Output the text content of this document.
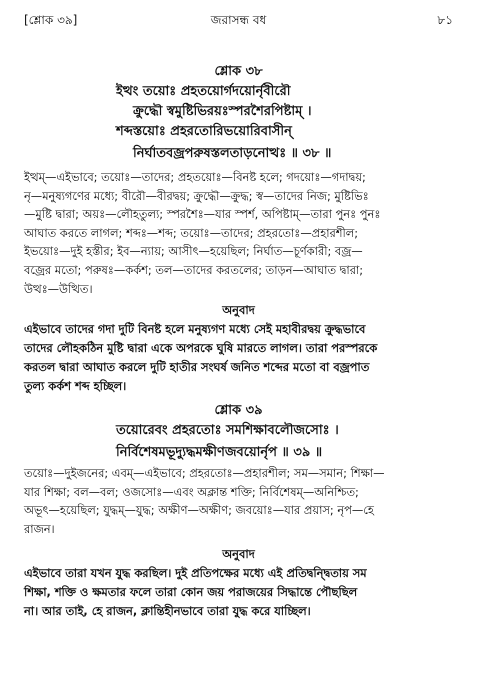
[শ্লোক ৩৯]	জরাসন্ধ বধ	৮১
শ্লোক ৩৮
ইত্থং তয়োঃ প্রহতয়োর্গদয়োর্নৃবীরৌ
ক্রুদ্ধৌ স্বমুষ্টিভিরয়ঃস্পরশৈরপিষ্টাম্ ।
শব্দস্তয়োঃ প্রহরতোরিভয়োরিবাসীন্
নির্ঘাতবজ্রপরুষস্তলতাড়নোত্থঃ ॥ ৩৮ ॥
ইত্থম্—এইভাবে; তয়োঃ—তাদের; প্রহতয়োঃ—বিনষ্ট হলে; গদয়োঃ—গদাদ্বয়;
নৃ—মনুষ্যগণের মধ্যে; বীরৌ—বীরদ্বয়; ক্রুদ্ধৌ—ক্রুদ্ধ; স্ব—তাদের নিজ; মুষ্টিভিঃ
—মুষ্টি দ্বারা; অয়ঃ—লৌহতুল্য; স্পরশৈঃ—যার স্পর্শ, অপিষ্টাম্—তারা পুনঃ পুনঃ
আঘাত করতে লাগল; শব্দঃ—শব্দ; তয়োঃ—তাদের; প্রহরতোঃ—প্রহারশীল;
ইভয়োঃ—দুই হস্তীর; ইব—ন্যায়; আসীৎ—হয়েছিল; নির্ঘাত—চূর্ণকারী; বজ্র—
বজ্রের মতো; পরুষঃ—কর্কশ; তল—তাদের করতলের; তাড়ন—আঘাত দ্বারা;
উত্থঃ—উত্থিত।
অনুবাদ
এইভাবে তাদের গদা দুটি বিনষ্ট হলে মনুষ্যগণ মধ্যে সেই মহাবীরদ্বয় ক্রুদ্ধভাবে
তাদের লৌহকঠিন মুষ্টি দ্বারা একে অপরকে ঘুষি মারতে লাগল। তারা পরস্পরকে
করতল দ্বারা আঘাত করলে দুটি হাতীর সংঘর্ষ জনিত শব্দের মতো বা বজ্রপাত
তুল্য কর্কশ শব্দ হচ্ছিল।
শ্লোক ৩৯
তয়োরেবং প্রহরতোঃ সমশিক্ষাবলৌজসোঃ ।
নির্বিশেষমভূদ্যুদ্ধমক্ষীণজবয়োর্নৃপ ॥ ৩৯ ॥
তয়োঃ—দুইজনের; এবম্—এইভাবে; প্রহরতোঃ—প্রহারশীল; সম—সমান; শিক্ষা—
যার শিক্ষা; বল—বল; ওজসোঃ—এবং অক্লান্ত শক্তি; নির্বিশেষম্—অনিশ্চিত;
অভূৎ—হয়েছিল; যুদ্ধম্—যুদ্ধ; অক্ষীণ—অক্ষীণ; জবয়োঃ—যার প্রয়াস; নৃপ—হে
রাজন।
অনুবাদ
এইভাবে তারা যখন যুদ্ধ করছিল। দুই প্রতিপক্ষের মধ্যে এই প্রতিদ্বন্দ্বিতায় সম
শিক্ষা, শক্তি ও ক্ষমতার ফলে তারা কোন জয় পরাজয়ের সিদ্ধান্তে পৌছছিল
না। আর তাই, হে রাজন, ক্লান্তিহীনভাবে তারা যুদ্ধ করে যাচ্ছিল।
